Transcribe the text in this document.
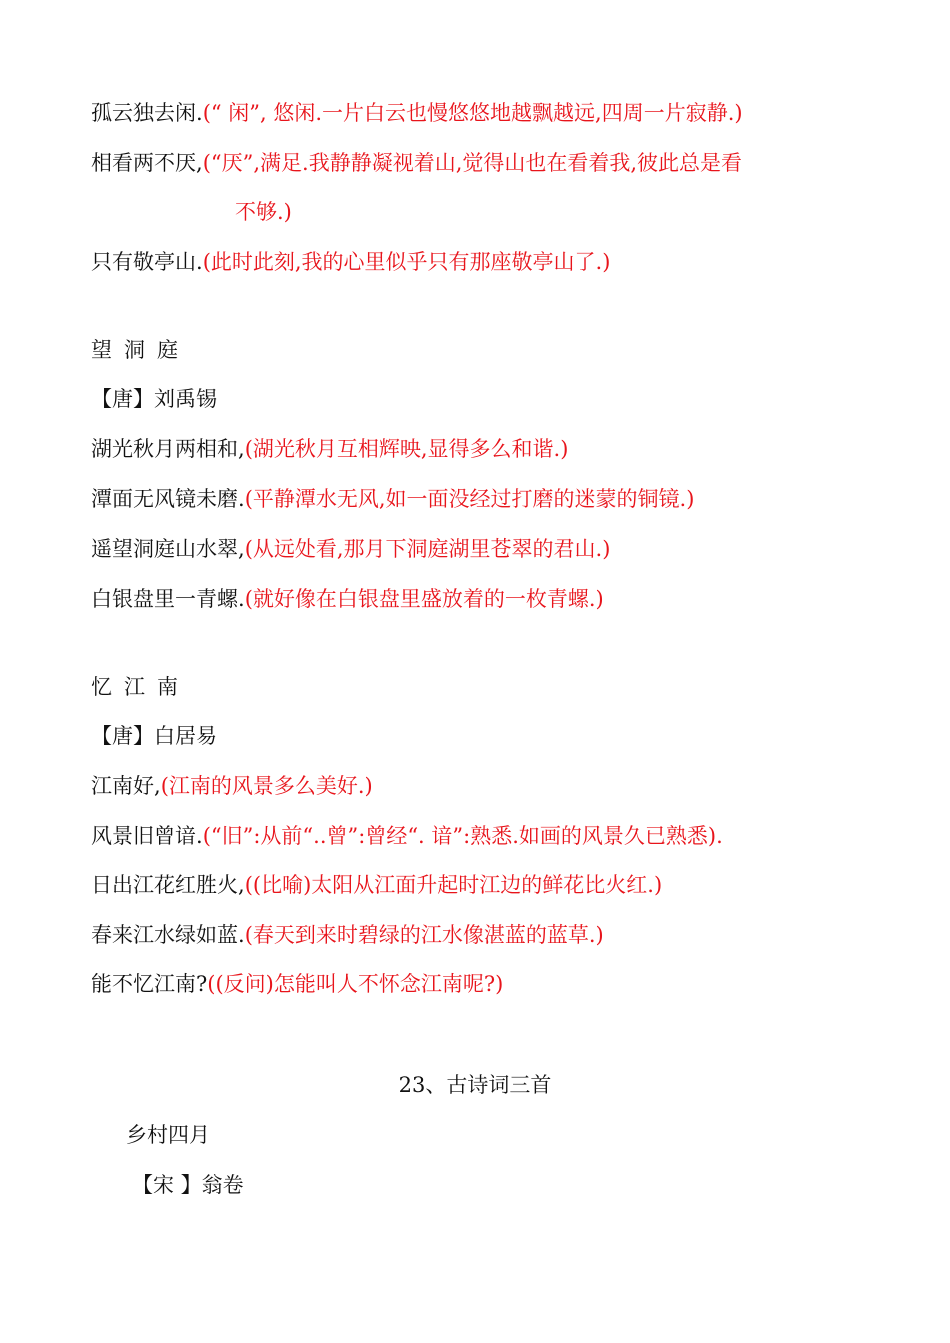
孤云独去闲.(“ 闲”, 悠闲.一片白云也慢悠悠地越飘越远,四周一片寂静.)
相看两不厌,(“厌”,满足.我静静凝视着山,觉得山也在看着我,彼此总是看
不够.)
只有敬亭山.(此时此刻,我的心里似乎只有那座敬亭山了.)
望洞庭
【唐】刘禹锡
湖光秋月两相和,(湖光秋月互相辉映,显得多么和谐.)
潭面无风镜未磨.(平静潭水无风,如一面没经过打磨的迷蒙的铜镜.)
遥望洞庭山水翠,(从远处看,那月下洞庭湖里苍翠的君山.)
白银盘里一青螺.(就好像在白银盘里盛放着的一枚青螺.)
忆江南
【唐】白居易
江南好,(江南的风景多么美好.)
风景旧曾谙.(“旧”:从前“..曾”:曾经“. 谙”:熟悉.如画的风景久已熟悉).
日出江花红胜火,((比喻)太阳从江面升起时江边的鲜花比火红.)
春来江水绿如蓝.(春天到来时碧绿的江水像湛蓝的蓝草.)
能不忆江南?((反问)怎能叫人不怀念江南呢?)
23、古诗词三首
乡村四月
【宋 】翁卷
